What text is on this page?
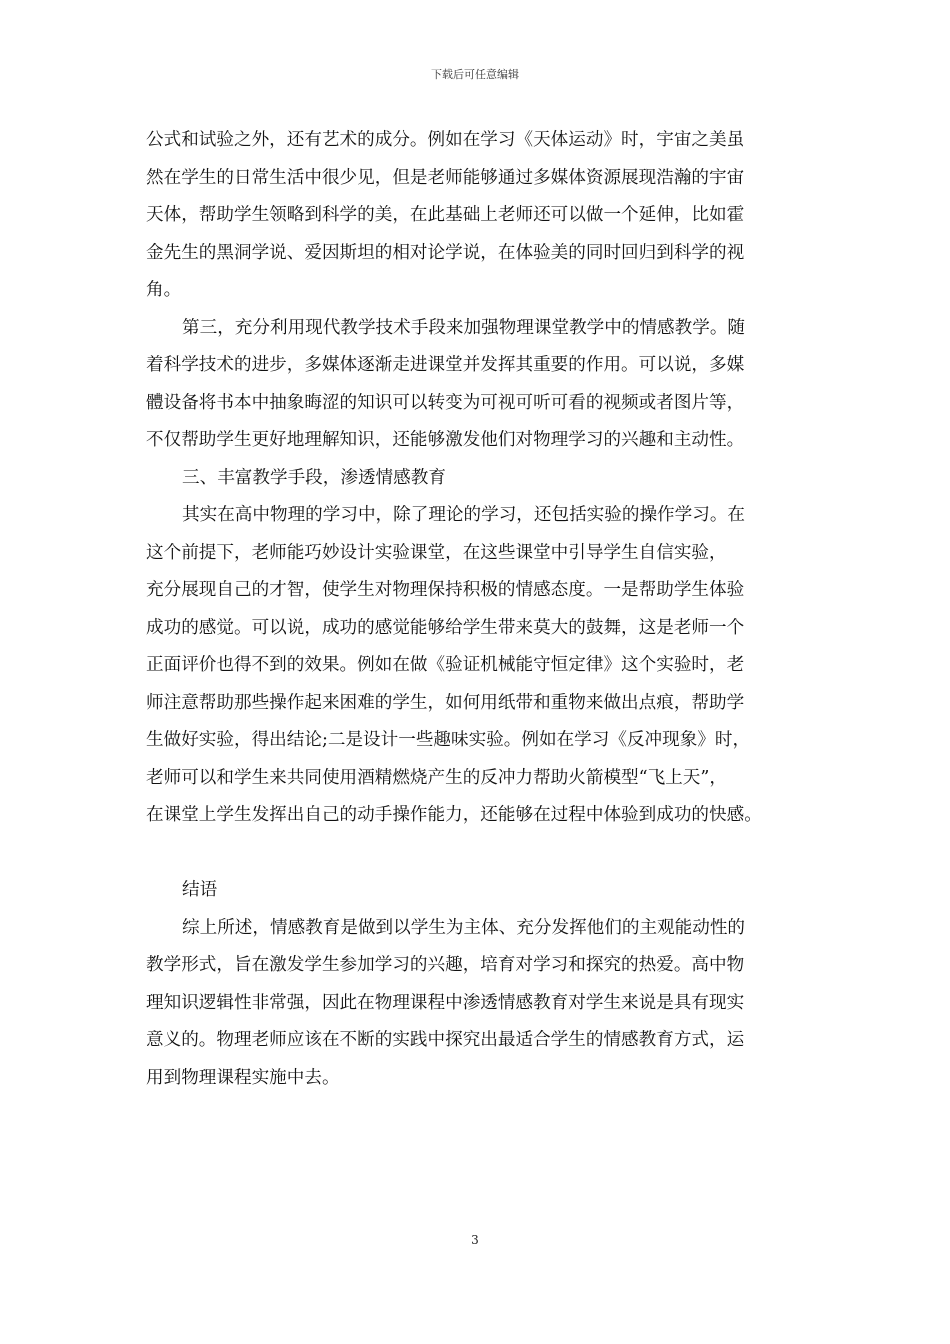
下载后可任意编辑
公式和试验之外，还有艺术的成分。例如在学习《天体运动》时，宇宙之美虽
然在学生的日常生活中很少见，但是老师能够通过多媒体资源展现浩瀚的宇宙
天体，帮助学生领略到科学的美，在此基础上老师还可以做一个延伸，比如霍
金先生的黑洞学说、爱因斯坦的相对论学说，在体验美的同时回归到科学的视
角。
第三，充分利用现代教学技术手段来加强物理课堂教学中的情感教学。随
着科学技术的进步，多媒体逐渐走进课堂并发挥其重要的作用。可以说，多媒
體设备将书本中抽象晦涩的知识可以转变为可视可听可看的视频或者图片等，
不仅帮助学生更好地理解知识，还能够激发他们对物理学习的兴趣和主动性。
三、丰富教学手段，渗透情感教育
其实在高中物理的学习中，除了理论的学习，还包括实验的操作学习。在
这个前提下，老师能巧妙设计实验课堂，在这些课堂中引导学生自信实验，
充分展现自己的才智，使学生对物理保持积极的情感态度。一是帮助学生体验
成功的感觉。可以说，成功的感觉能够给学生带来莫大的鼓舞，这是老师一个
正面评价也得不到的效果。例如在做《验证机械能守恒定律》这个实验时，老
师注意帮助那些操作起来困难的学生，如何用纸带和重物来做出点痕，帮助学
生做好实验，得出结论;二是设计一些趣味实验。例如在学习《反冲现象》时，
老师可以和学生来共同使用酒精燃烧产生的反冲力帮助火箭模型“飞上天”，
在课堂上学生发挥出自己的动手操作能力，还能够在过程中体验到成功的快感。
结语
综上所述，情感教育是做到以学生为主体、充分发挥他们的主观能动性的
教学形式，旨在激发学生参加学习的兴趣，培育对学习和探究的热爱。高中物
理知识逻辑性非常强，因此在物理课程中渗透情感教育对学生来说是具有现实
意义的。物理老师应该在不断的实践中探究出最适合学生的情感教育方式，运
用到物理课程实施中去。
3
